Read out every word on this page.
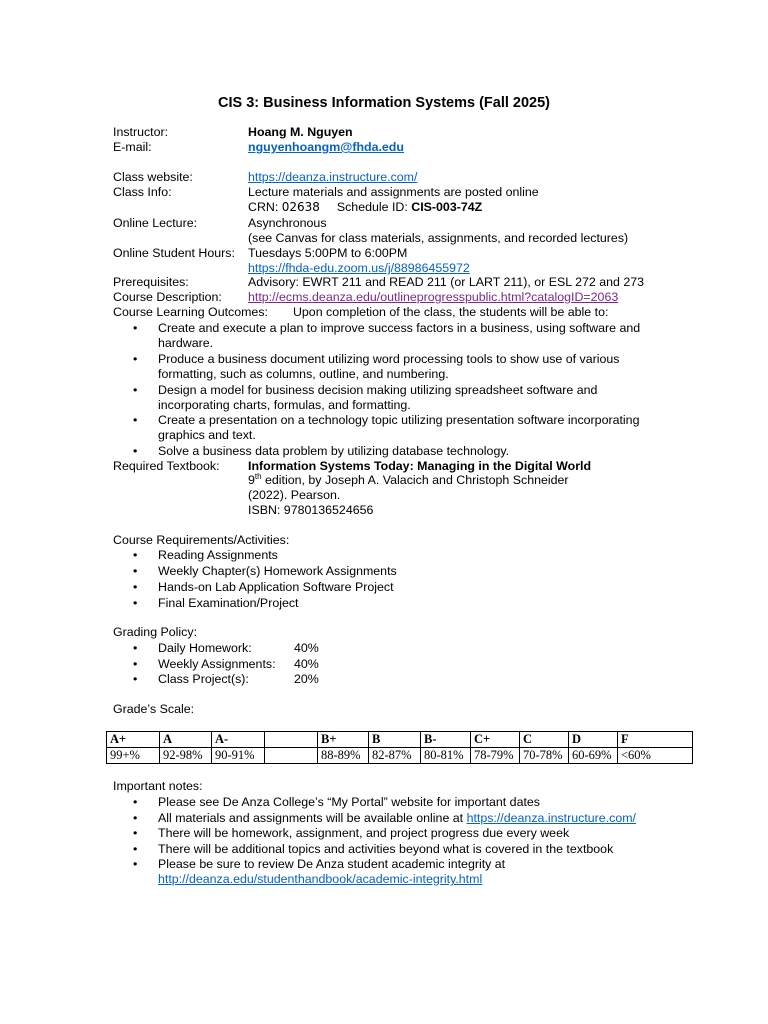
CIS 3: Business Information Systems (Fall 2025)
Instructor:	Hoang M. Nguyen
E-mail:	nguyenhoangm@fhda.edu
Class website:	https://deanza.instructure.com/
Class Info:	Lecture materials and assignments are posted online
CRN: 02638 Schedule ID: CIS-003-74Z
Online Lecture:	Asynchronous
(see Canvas for class materials, assignments, and recorded lectures)
Online Student Hours: Tuesdays 5:00PM to 6:00PM
https://fhda-edu.zoom.us/j/88986455972
Prerequisites:	Advisory: EWRT 211 and READ 211 (or LART 211), or ESL 272 and 273
Course Description: http://ecms.deanza.edu/outlineprogresspublic.html?catalogID=2063
Course Learning Outcomes: Upon completion of the class, the students will be able to:
Create and execute a plan to improve success factors in a business, using software and
hardware.
Produce a business document utilizing word processing tools to show use of various
formatting, such as columns, outline, and numbering.
Design a model for business decision making utilizing spreadsheet software and
incorporating charts, formulas, and formatting.
Create a presentation on a technology topic utilizing presentation software incorporating
graphics and text.
Solve a business data problem by utilizing database technology.
Required Textbook: Information Systems Today: Managing in the Digital World
9th edition, by Joseph A. Valacich and Christoph Schneider
(2022). Pearson.
ISBN: 9780136524656
Course Requirements/Activities:
Reading Assignments
Weekly Chapter(s) Homework Assignments
Hands-on Lab Application Software Project
Final Examination/Project
Grading Policy:
Daily Homework:	40%
Weekly Assignments: 40%
Class Project(s):	20%
Grade’s Scale:
A+	A	A-		B+	B	B-	C+	C	D	F
99+%	92-98%	90-91%		88-89%	82-87%	80-81%	78-79%	70-78%	60-69%	<60%
Important notes:
Please see De Anza College’s “My Portal” website for important dates
All materials and assignments will be available online at https://deanza.instructure.com/
There will be homework, assignment, and project progress due every week
There will be additional topics and activities beyond what is covered in the textbook
Please be sure to review De Anza student academic integrity at
http://deanza.edu/studenthandbook/academic-integrity.html
